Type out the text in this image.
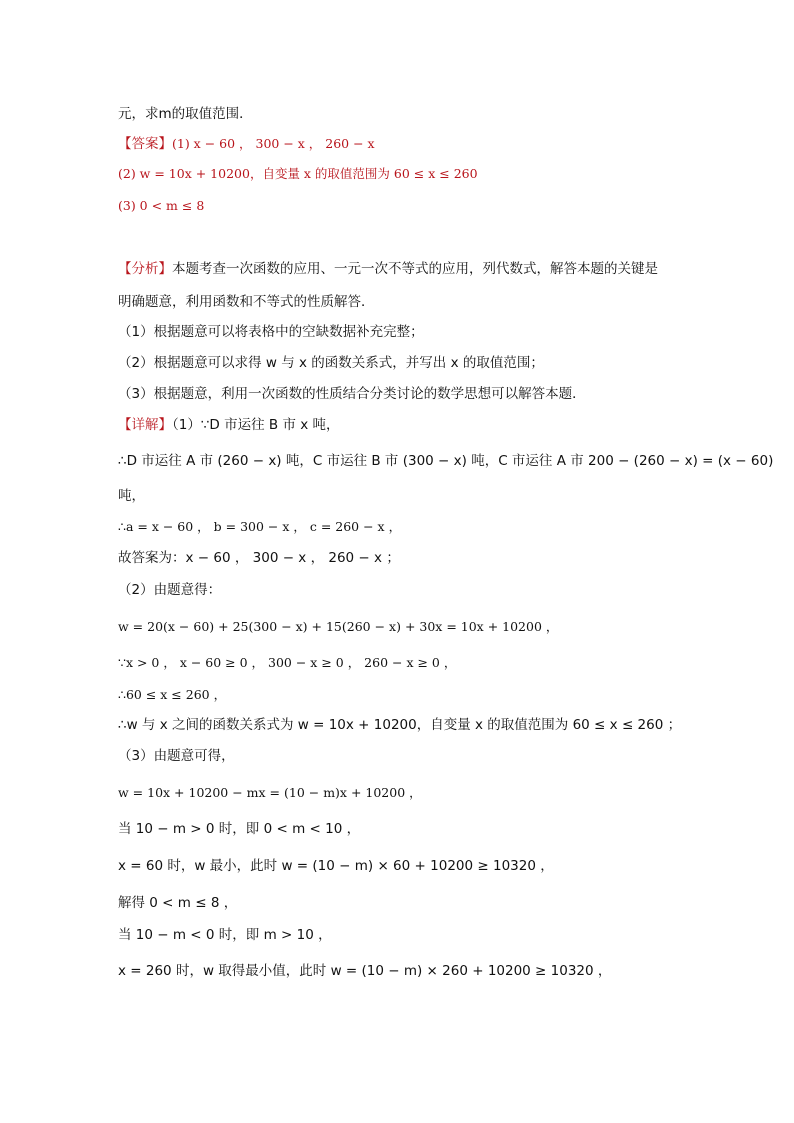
元，求m的取值范围．
【答案】(1) x − 60 ， 300 − x ， 260 − x
(2) w = 10x + 10200，自变量 x 的取值范围为 60 ≤ x ≤ 260
(3) 0 < m ≤ 8
【分析】本题考查一次函数的应用、一元一次不等式的应用，列代数式，解答本题的关键是
明确题意，利用函数和不等式的性质解答．
（1）根据题意可以将表格中的空缺数据补充完整；
（2）根据题意可以求得 w 与 x 的函数关系式，并写出 x 的取值范围；
（3）根据题意，利用一次函数的性质结合分类讨论的数学思想可以解答本题．
【详解】（1）∵D 市运往 B 市 x 吨，
∴D 市运往 A 市 (260 − x) 吨，C 市运往 B 市 (300 − x) 吨，C 市运往 A 市 200 − (260 − x) = (x − 60)
吨，
∴a = x − 60 ， b = 300 − x ， c = 260 − x ，
故答案为：x − 60 ， 300 − x ， 260 − x ；
（2）由题意得：
w = 20(x − 60) + 25(300 − x) + 15(260 − x) + 30x = 10x + 10200 ，
∵x > 0 ， x − 60 ≥ 0 ， 300 − x ≥ 0 ， 260 − x ≥ 0 ，
∴60 ≤ x ≤ 260 ，
∴w 与 x 之间的函数关系式为 w = 10x + 10200，自变量 x 的取值范围为 60 ≤ x ≤ 260 ；
（3）由题意可得，
w = 10x + 10200 − mx = (10 − m)x + 10200 ，
当 10 − m > 0 时，即 0 < m < 10 ，
x = 60 时，w 最小，此时 w = (10 − m) × 60 + 10200 ≥ 10320 ，
解得 0 < m ≤ 8 ，
当 10 − m < 0 时，即 m > 10 ，
x = 260 时，w 取得最小值，此时 w = (10 − m) × 260 + 10200 ≥ 10320 ，
